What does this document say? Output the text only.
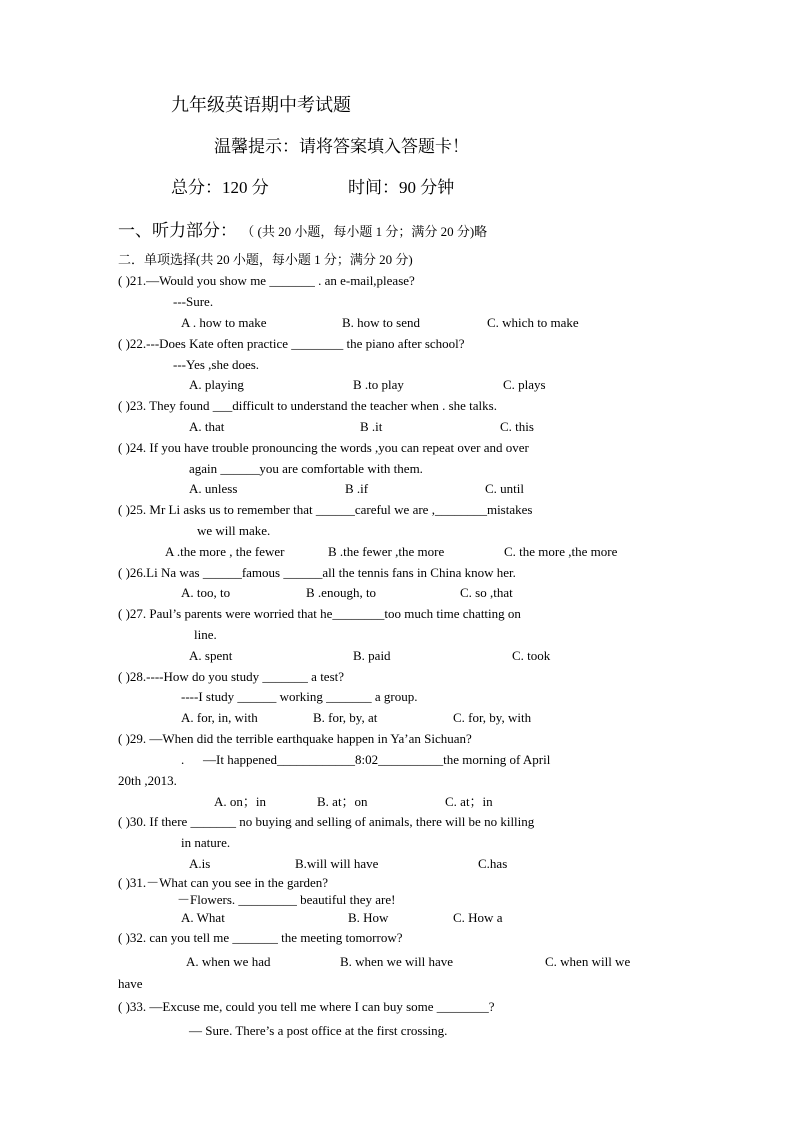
九年级英语期中考试题
温馨提示：请将答案填入答题卡！
总分：120 分	时间：90 分钟
一、听力部分： （ (共 20 小题，每小题 1 分；满分 20 分)略
二．单项选择(共 20 小题，每小题 1 分；满分 20 分)
( )21.—Would you show me _______ . an e-mail,please?
---Sure.
A . how to make	B. how to send	C. which to make
( )22.---Does Kate often practice ________ the piano after school?
---Yes ,she does.
A. playing	B .to play	C. plays
( )23. They found ___difficult to understand the teacher when . she talks.
A. that	B .it	C. this
( )24. If you have trouble pronouncing the words ,you can repeat over and over
again ______you are comfortable with them.
A. unless	B .if	C. until
( )25. Mr Li asks us to remember that ______careful we are ,________mistakes
we will make.
A .the more , the fewer	B .the fewer ,the more	C. the more ,the more
( )26.Li Na was ______famous ______all the tennis fans in China know her.
A. too, to	B .enough, to	C. so ,that
( )27. Paul’s parents were worried that he________too much time chatting on
line.
A. spent	B. paid	C. took
( )28.----How do you study _______ a test?
----I study ______ working _______ a group.
A. for, in, with	B. for, by, at	C. for, by, with
( )29. —When did the terrible earthquake happen in Ya’an Sichuan?
. —It happened____________8:02__________the morning of April
20th ,2013.
A. on；in	B. at；on	C. at；in
( )30. If there _______ no buying and selling of animals, there will be no killing
in nature.
A.is	B.will will have	C.has
( )31.－What can you see in the garden?
－Flowers. _________ beautiful they are!
A. What	B. How	C. How a
( )32. can you tell me _______ the meeting tomorrow?
A. when we had	B. when we will have	C. when will we
have
( )33. —Excuse me, could you tell me where I can buy some ________?
— Sure. There’s a post office at the first crossing.
